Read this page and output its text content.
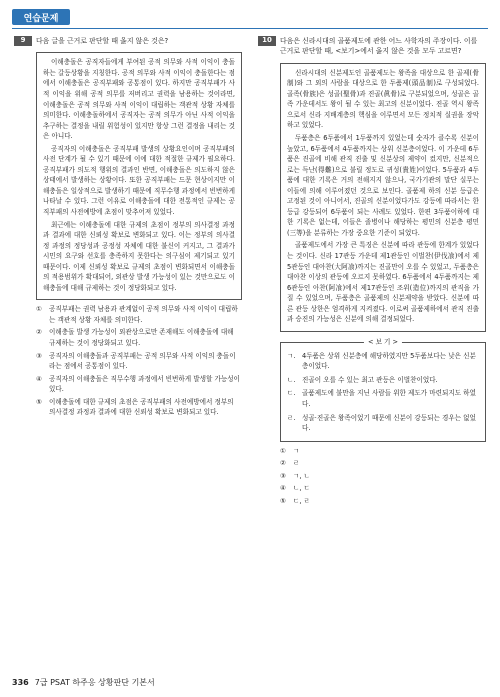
연습문제
9	다음 글을 근거로 판단할 때 옳지 않은 것은?

이해충돌은 공직자들에게 부여된 공적 의무와 사적 이익이 충돌하는 갈등상황을 지칭한다. 공적 의무와 사적 이익이 충돌한다는 점에서 이해충돌은 공직부패와 공통점이 있다. 하지만 공직부패가 사적 이익을 위해 공적 의무를 저버리고 권력을 남용하는 것이라면, 이해충돌은 공적 의무와 사적 이익이 대립하는 객관적 상황 자체를 의미한다. 이해충돌하에서 공직자는 공적 의무가 아닌 사적 이익을 추구하는 결정을 내릴 위험성이 있지만 항상 그런 결정을 내리는 것은 아니다.

공직자의 이해충돌은 공직부패 발생의 상황요인이며 공직부패의 사전 단계가 될 수 있기 때문에 이에 대한 적절한 규제가 필요하다. 공직부패가 의도적 행위의 결과인 반면, 이해충돌은 의도하지 않은 상태에서 발생하는 상황이다. 또한 공직부패는 드문 현상이지만 이해충돌은 일상적으로 발생하기 때문에 직무수행 과정에서 빈번하게 나타날 수 있다. 그런 이유로 이해충돌에 대한 전통적인 규제는 공직부패의 사전예방에 초점이 맞추어져 있었다.

최근에는 이해충돌에 대한 규제의 초점이 정부의 의사결정 과정과 결과에 대한 신뢰성 확보로 변화되고 있다. 이는 정부의 의사결정 과정의 정당성과 공정성 자체에 대한 불신이 커지고, 그 결과가 시민의 요구와 선호를 충족하지 못한다는 의구심이 제기되고 있기 때문이다. 이제 신뢰성 확보로 규제의 초점이 변화되면서 이해충돌의 적용범위가 확대되어, 외관상 발생 가능성이 있는 것만으로도 이해충돌에 대해 규제하는 것이 정당화되고 있다.

①	공직부패는 권력 남용과 관계없이 공적 의무와 사적 이익이 대립하는 객관적 상황 자체를 의미한다.
②	이해충돌 발생 가능성이 외관상으로만 존재해도 이해충돌에 대해 규제하는 것이 정당화되고 있다.
③	공직자의 이해충돌과 공직부패는 공적 의무와 사적 이익의 충돌이라는 점에서 공통점이 있다.
④	공직자의 이해충돌은 직무수행 과정에서 빈번하게 발생할 가능성이 있다.
⑤	이해충돌에 대한 규제의 초점은 공직부패의 사전예방에서 정부의 의사결정 과정과 결과에 대한 신뢰성 확보로 변화되고 있다.
10	다음은 신라시대의 골품제도에 관한 어느 사학자의 주장이다. 이를 근거로 판단할 때, <보기>에서 옳지 않은 것을 모두 고르면?

신라시대의 신분제도인 골품제도는 왕족을 대상으로 한 골제(骨制)와 그 외의 사람을 대상으로 한 두품제(頭品制)로 구성되었다. 골족(骨族)은 성골(聖骨)과 진골(眞骨)로 구분되었으며, 성골은 골족 가운데서도 왕이 될 수 있는 최고의 신분이었다. 진골 역시 왕족으로서 신라 지배계층의 핵심을 이루면서 모든 정치적 실권을 장악하고 있었다.

두품층은 6두품에서 1두품까지 있었는데 숫자가 클수록 신분이 높았고, 6두품에서 4두품까지는 상위 신분층이었다. 이 가운데 6두품은 진골에 비해 관직 진출 및 신분상의 제약이 컸지만, 신분적으로는 득난(得難)으로 불릴 정도로 귀성(貴姓)이었다. 5두품과 4두품에 대한 기록은 거의 전해지지 않으나, 국가기관의 말단 실무는 이들에 의해 이루어졌던 것으로 보인다. 골품제 하의 신분 등급은 고정된 것이 아니어서, 진골의 신분이었다가도 강등에 따라서는 한 등급 강등되어 6두품이 되는 사례도 있었다. 한편 3두품이하에 대한 기록은 없는데, 이들은 졸병이나 해당하는 평민의 신분층 평민(三等)을 분류하는 가장 중요한 기준이 되었다.

골품제도에서 가장 큰 특징은 신분에 따라 관등에 한계가 있었다는 것이다. 신라 17관등 가운데 제1관등인 이벌찬(伊伐飡)에서 제5관등인 대아찬(大阿飡)까지는 진골만이 오를 수 있었고, 두품층은 대아찬 이상의 관등에 오르지 못하였다. 6두품에서 4두품까지는 제6관등인 아찬(阿飡)에서 제17관등인 조위(造位)까지의 관직을 가질 수 있었으며, 두품층은 골품제의 신분제약을 받았다. 신분에 따른 관등 상한은 엄격하게 지켜졌다. 이로써 골품제하에서 관직 진출과 승진의 가능성은 신분에 의해 결정되었다.

< 보 기 >
ㄱ. 4두품은 상위 신분층에 해당하였지만 5두품보다는 낮은 신분층이었다.
ㄴ. 진골이 오를 수 있는 최고 관등은 이벌찬이었다.
ㄷ. 골품제도에 불만을 지닌 사람들 위한 제도가 마련되지도 하였다.
ㄹ. 성골·진골은 왕족이었기 때문에 신분이 강등되는 경우는 없었다.
①	ㄱ
②	ㄹ
③	ㄱ, ㄴ
④	ㄴ, ㄷ
⑤	ㄷ, ㄹ
336 7급 PSAT 하주응 상황판단 기본서
